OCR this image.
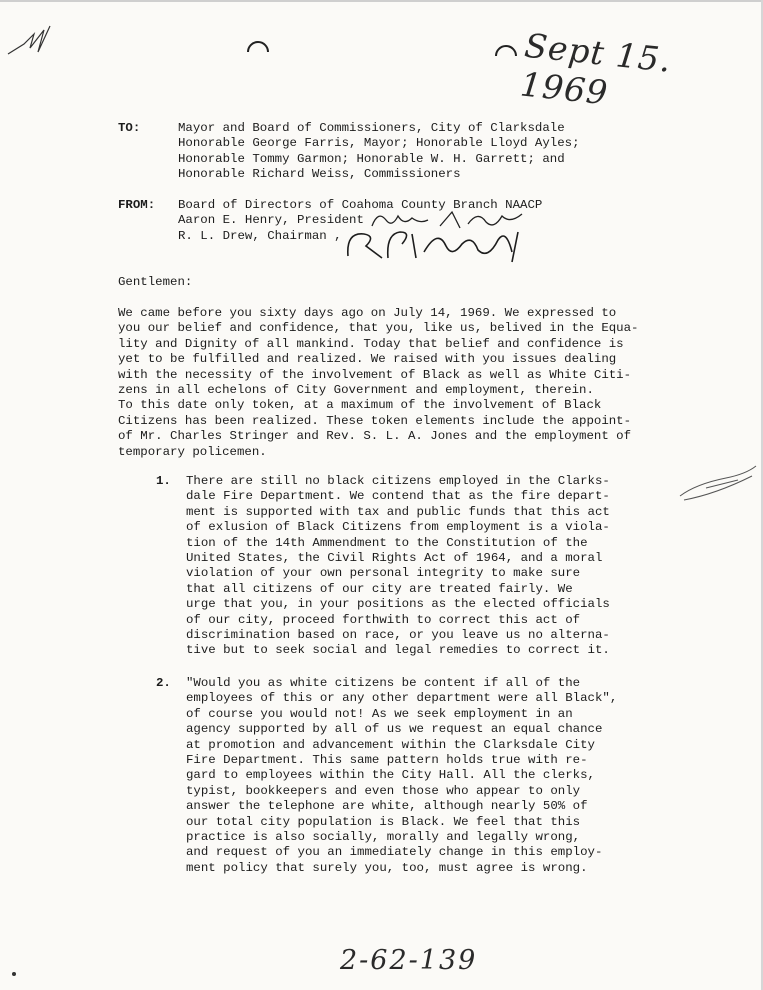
Sept 15. 1969
TO:	Mayor and Board of Commissioners, City of Clarksdale
Honorable George Farris, Mayor; Honorable Lloyd Ayles;
Honorable Tommy Garmon; Honorable W. H. Garrett; and
Honorable Richard Weiss, Commissioners
FROM: Board of Directors of Coahoma County Branch NAACP
Aaron E. Henry, President
R. L. Drew, Chairman ,
Gentlemen:
We came before you sixty days ago on July 14, 1969. We expressed to
you our belief and confidence, that you, like us, belived in the Equa-
lity and Dignity of all mankind. Today that belief and confidence is
yet to be fulfilled and realized. We raised with you issues dealing
with the necessity of the involvement of Black as well as White Citi-
zens in all echelons of City Government and employment, therein.
To this date only token, at a maximum of the involvement of Black
Citizens has been realized. These token elements include the appoint-
of Mr. Charles Stringer and Rev. S. L. A. Jones and the employment of
temporary policemen.
1. There are still no black citizens employed in the Clarks-
dale Fire Department. We contend that as the fire depart-
ment is supported with tax and public funds that this act
of exlusion of Black Citizens from employment is a viola-
tion of the 14th Ammendment to the Constitution of the
United States, the Civil Rights Act of 1964, and a moral
violation of your own personal integrity to make sure
that all citizens of our city are treated fairly. We
urge that you, in your positions as the elected officials
of our city, proceed forthwith to correct this act of
discrimination based on race, or you leave us no alterna-
tive but to seek social and legal remedies to correct it.
2. "Would you as white citizens be content if all of the
employees of this or any other department were all Black",
of course you would not! As we seek employment in an
agency supported by all of us we request an equal chance
at promotion and advancement within the Clarksdale City
Fire Department. This same pattern holds true with re-
gard to employees within the City Hall. All the clerks,
typist, bookkeepers and even those who appear to only
answer the telephone are white, although nearly 50% of
our total city population is Black. We feel that this
practice is also socially, morally and legally wrong,
and request of you an immediately change in this employ-
ment policy that surely you, too, must agree is wrong.
2-62-139
